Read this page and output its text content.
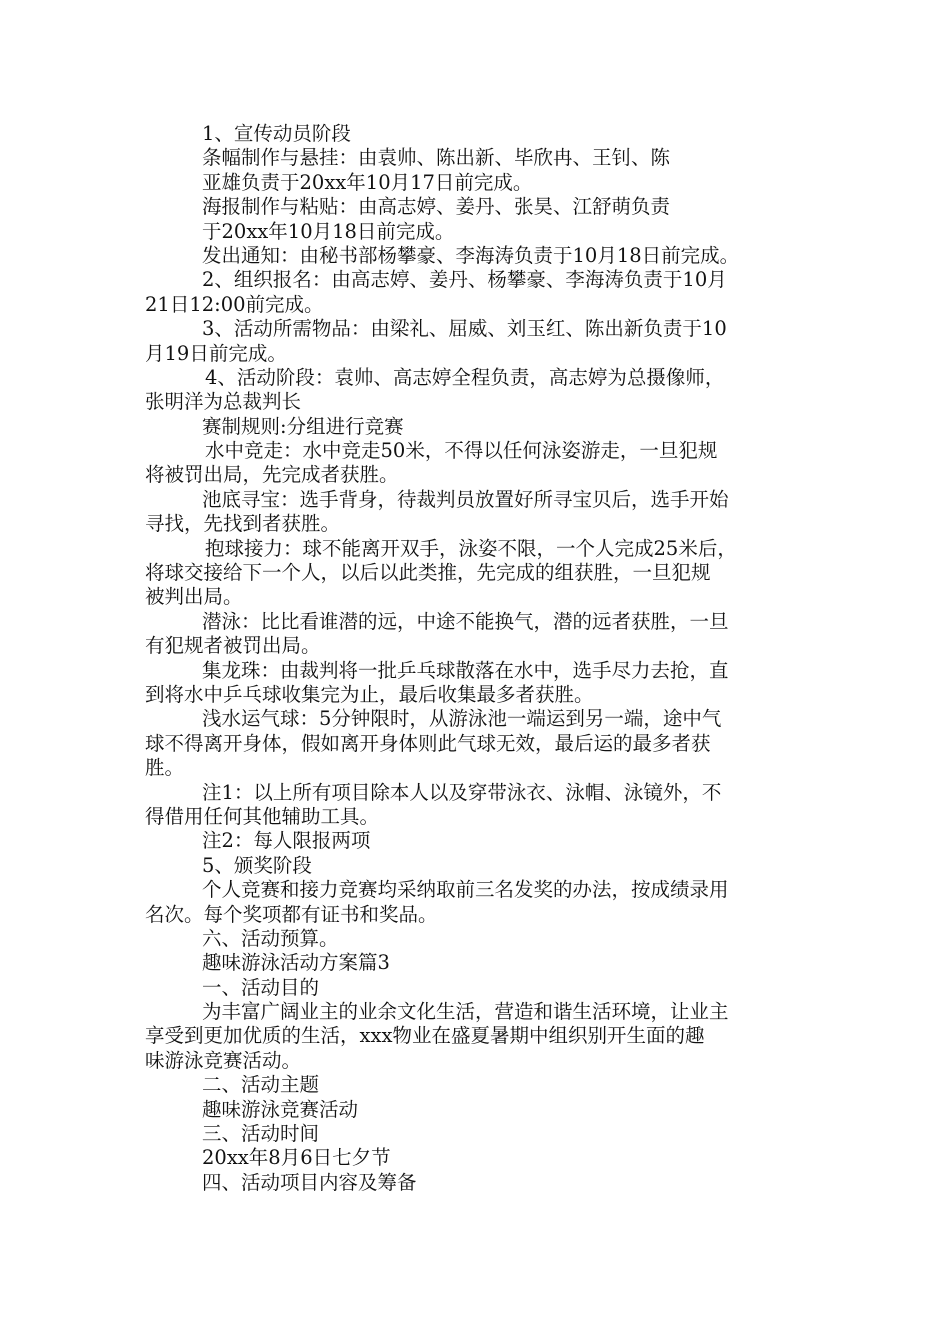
1、宣传动员阶段
条幅制作与悬挂：由袁帅、陈出新、毕欣冉、王钊、陈
亚雄负责于20xx年10月17日前完成。
海报制作与粘贴：由高志婷、姜丹、张昊、江舒萌负责
于20xx年10月18日前完成。
发出通知：由秘书部杨攀豪、李海涛负责于10月18日前完成。
2、组织报名：由高志婷、姜丹、杨攀豪、李海涛负责于10月
21日12:00前完成。
3、活动所需物品：由梁礼、屈威、刘玉红、陈出新负责于10
月19日前完成。
4、活动阶段：袁帅、高志婷全程负责，高志婷为总摄像师，
张明洋为总裁判长
赛制规则:分组进行竞赛
水中竞走：水中竞走50米，不得以任何泳姿游走，一旦犯规
将被罚出局，先完成者获胜。
池底寻宝：选手背身，待裁判员放置好所寻宝贝后，选手开始
寻找，先找到者获胜。
抱球接力：球不能离开双手，泳姿不限，一个人完成25米后，
将球交接给下一个人，以后以此类推，先完成的组获胜，一旦犯规
被判出局。
潜泳：比比看谁潜的远，中途不能换气，潜的远者获胜，一旦
有犯规者被罚出局。
集龙珠：由裁判将一批乒乓球散落在水中，选手尽力去抢，直
到将水中乒乓球收集完为止，最后收集最多者获胜。
浅水运气球：5分钟限时，从游泳池一端运到另一端，途中气
球不得离开身体，假如离开身体则此气球无效，最后运的最多者获
胜。
注1：以上所有项目除本人以及穿带泳衣、泳帽、泳镜外，不
得借用任何其他辅助工具。
注2：每人限报两项
5、颁奖阶段
个人竞赛和接力竞赛均采纳取前三名发奖的办法，按成绩录用
名次。每个奖项都有证书和奖品。
六、活动预算。
趣味游泳活动方案篇3
一、活动目的
为丰富广阔业主的业余文化生活，营造和谐生活环境，让业主
享受到更加优质的生活，xxx物业在盛夏暑期中组织别开生面的趣
味游泳竞赛活动。
二、活动主题
趣味游泳竞赛活动
三、活动时间
20xx年8月6日七夕节
四、活动项目内容及筹备
